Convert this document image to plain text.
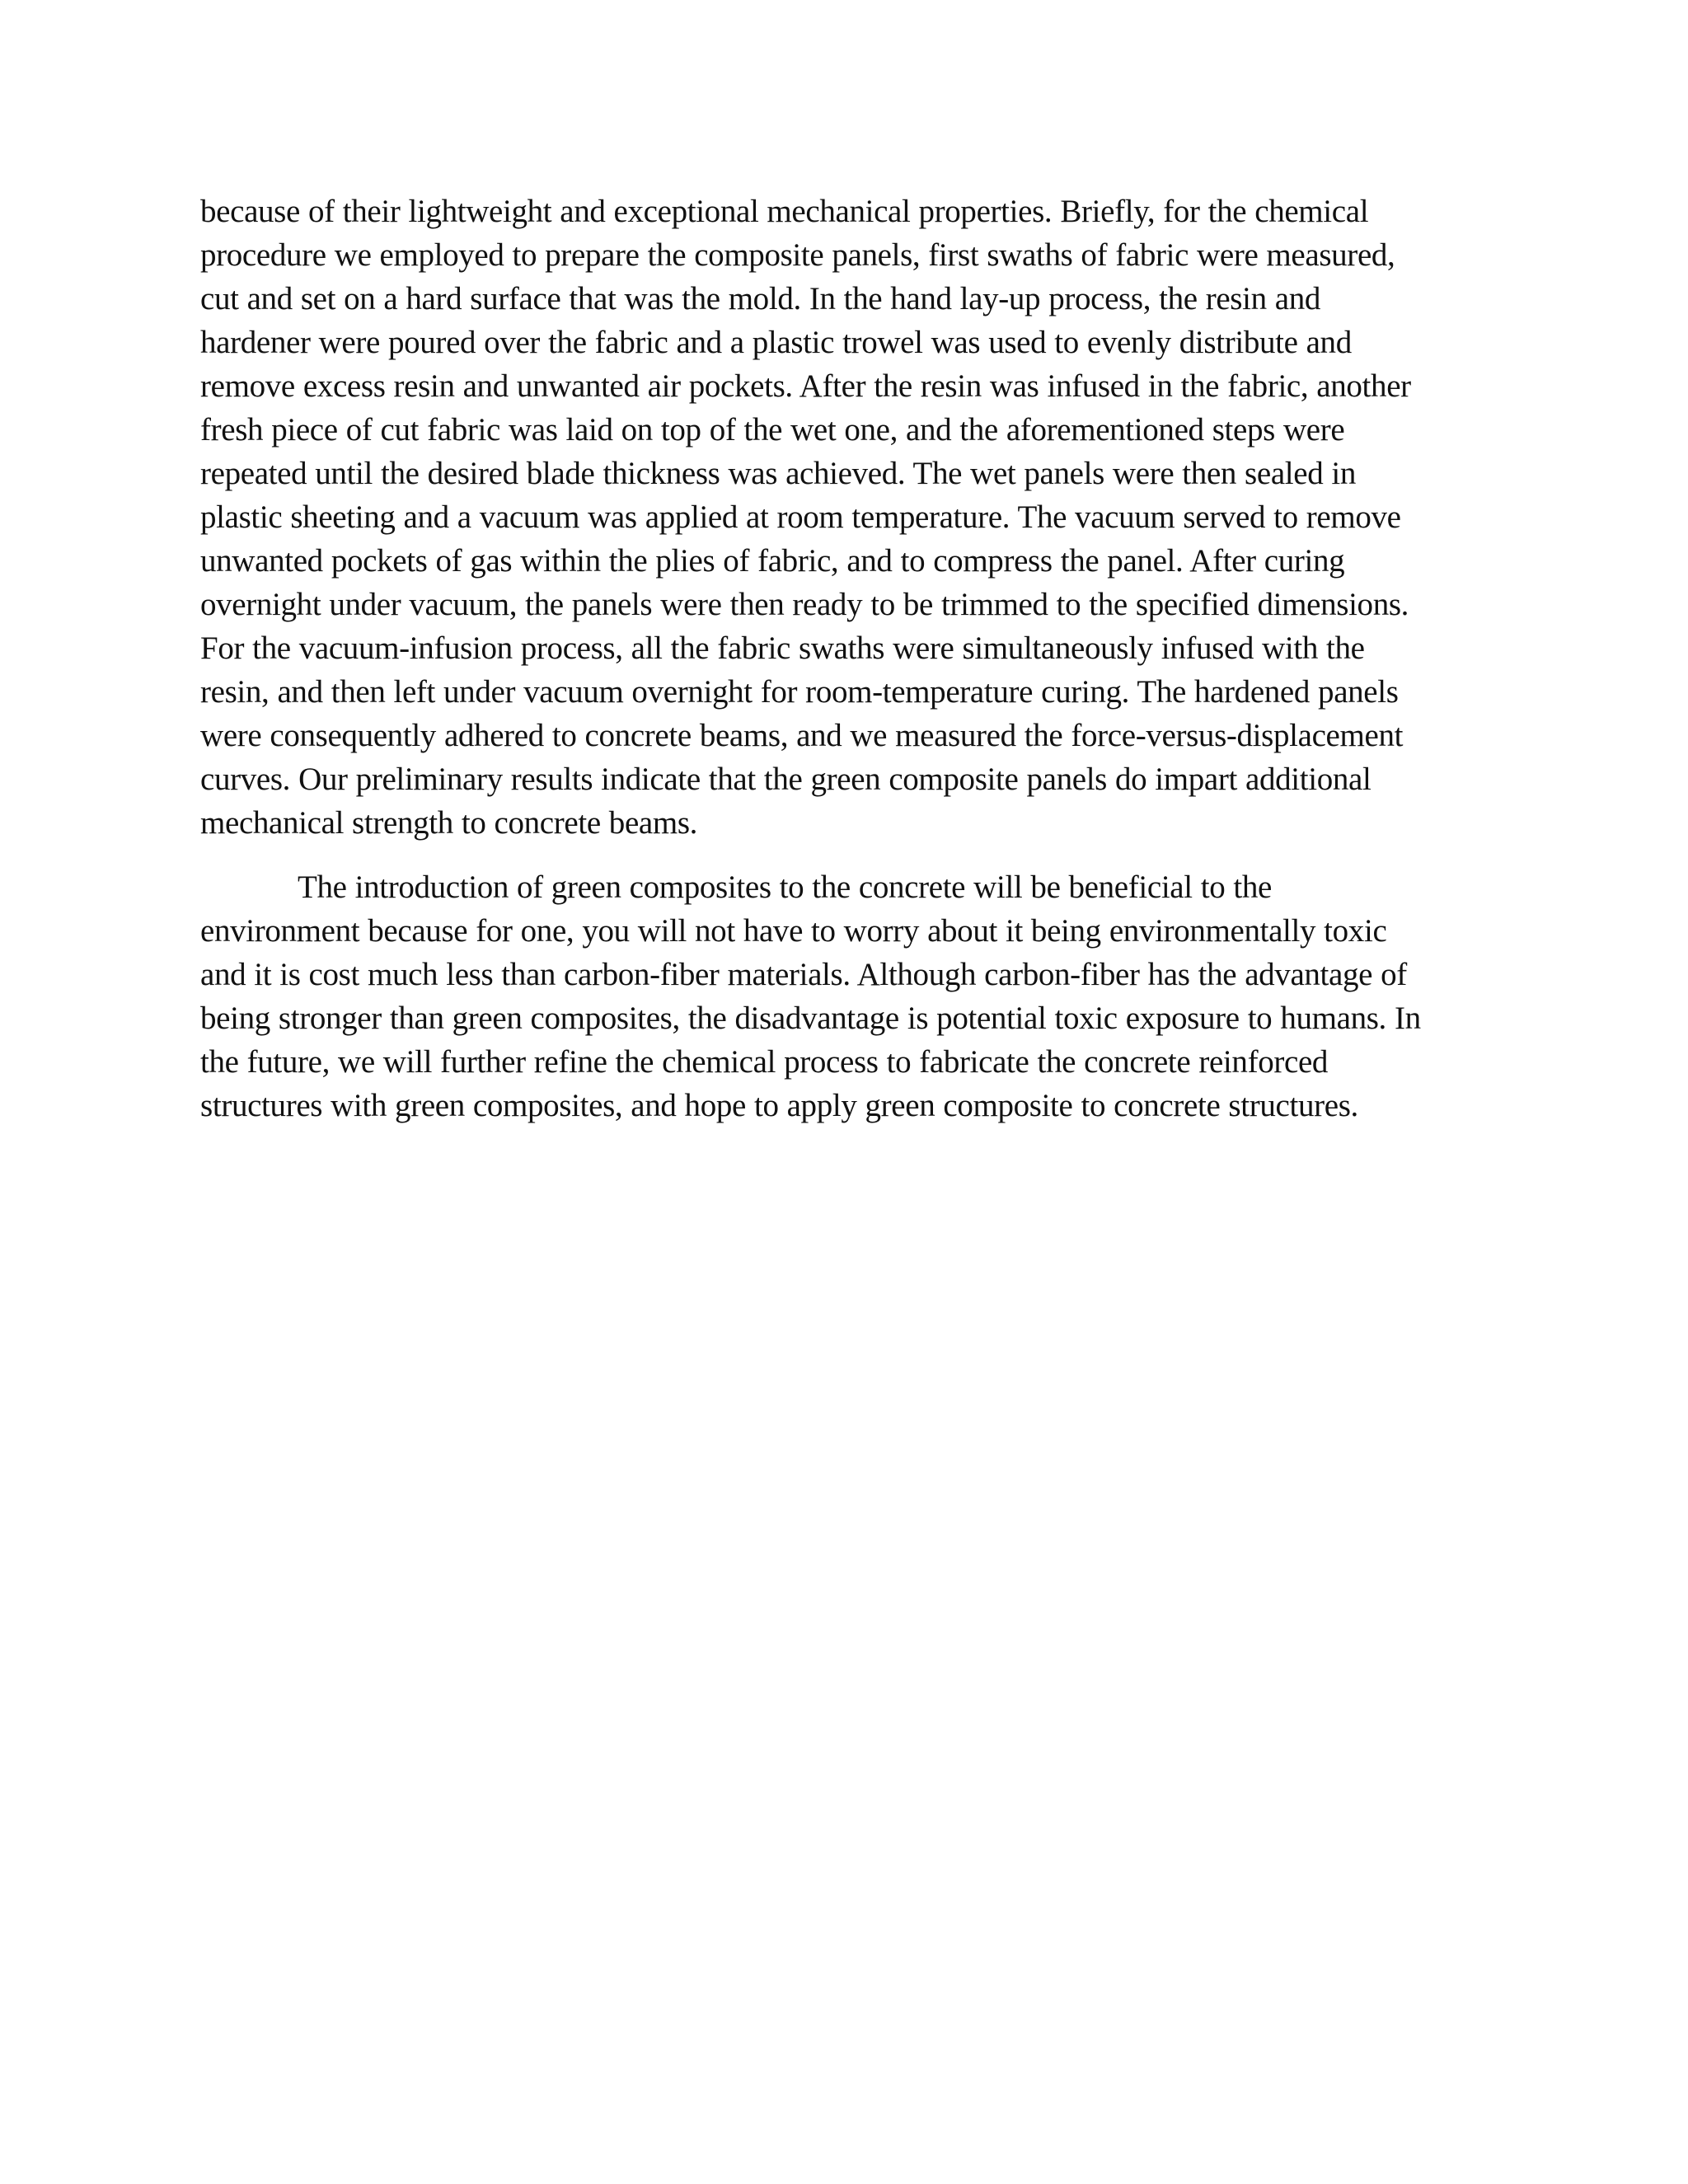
because of their lightweight and exceptional mechanical properties. Briefly, for the chemical
procedure we employed to prepare the composite panels, first swaths of fabric were measured,
cut and set on a hard surface that was the mold. In the hand lay-up process, the resin and
hardener were poured over the fabric and a plastic trowel was used to evenly distribute and
remove excess resin and unwanted air pockets. After the resin was infused in the fabric, another
fresh piece of cut fabric was laid on top of the wet one, and the aforementioned steps were
repeated until the desired blade thickness was achieved. The wet panels were then sealed in
plastic sheeting and a vacuum was applied at room temperature. The vacuum served to remove
unwanted pockets of gas within the plies of fabric, and to compress the panel. After curing
overnight under vacuum, the panels were then ready to be trimmed to the specified dimensions.
For the vacuum-infusion process, all the fabric swaths were simultaneously infused with the
resin, and then left under vacuum overnight for room-temperature curing. The hardened panels
were consequently adhered to concrete beams, and we measured the force-versus-displacement
curves. Our preliminary results indicate that the green composite panels do impart additional
mechanical strength to concrete beams.

The introduction of green composites to the concrete will be beneficial to the
environment because for one, you will not have to worry about it being environmentally toxic
and it is cost much less than carbon-fiber materials. Although carbon-fiber has the advantage of
being stronger than green composites, the disadvantage is potential toxic exposure to humans. In
the future, we will further refine the chemical process to fabricate the concrete reinforced
structures with green composites, and hope to apply green composite to concrete structures.
